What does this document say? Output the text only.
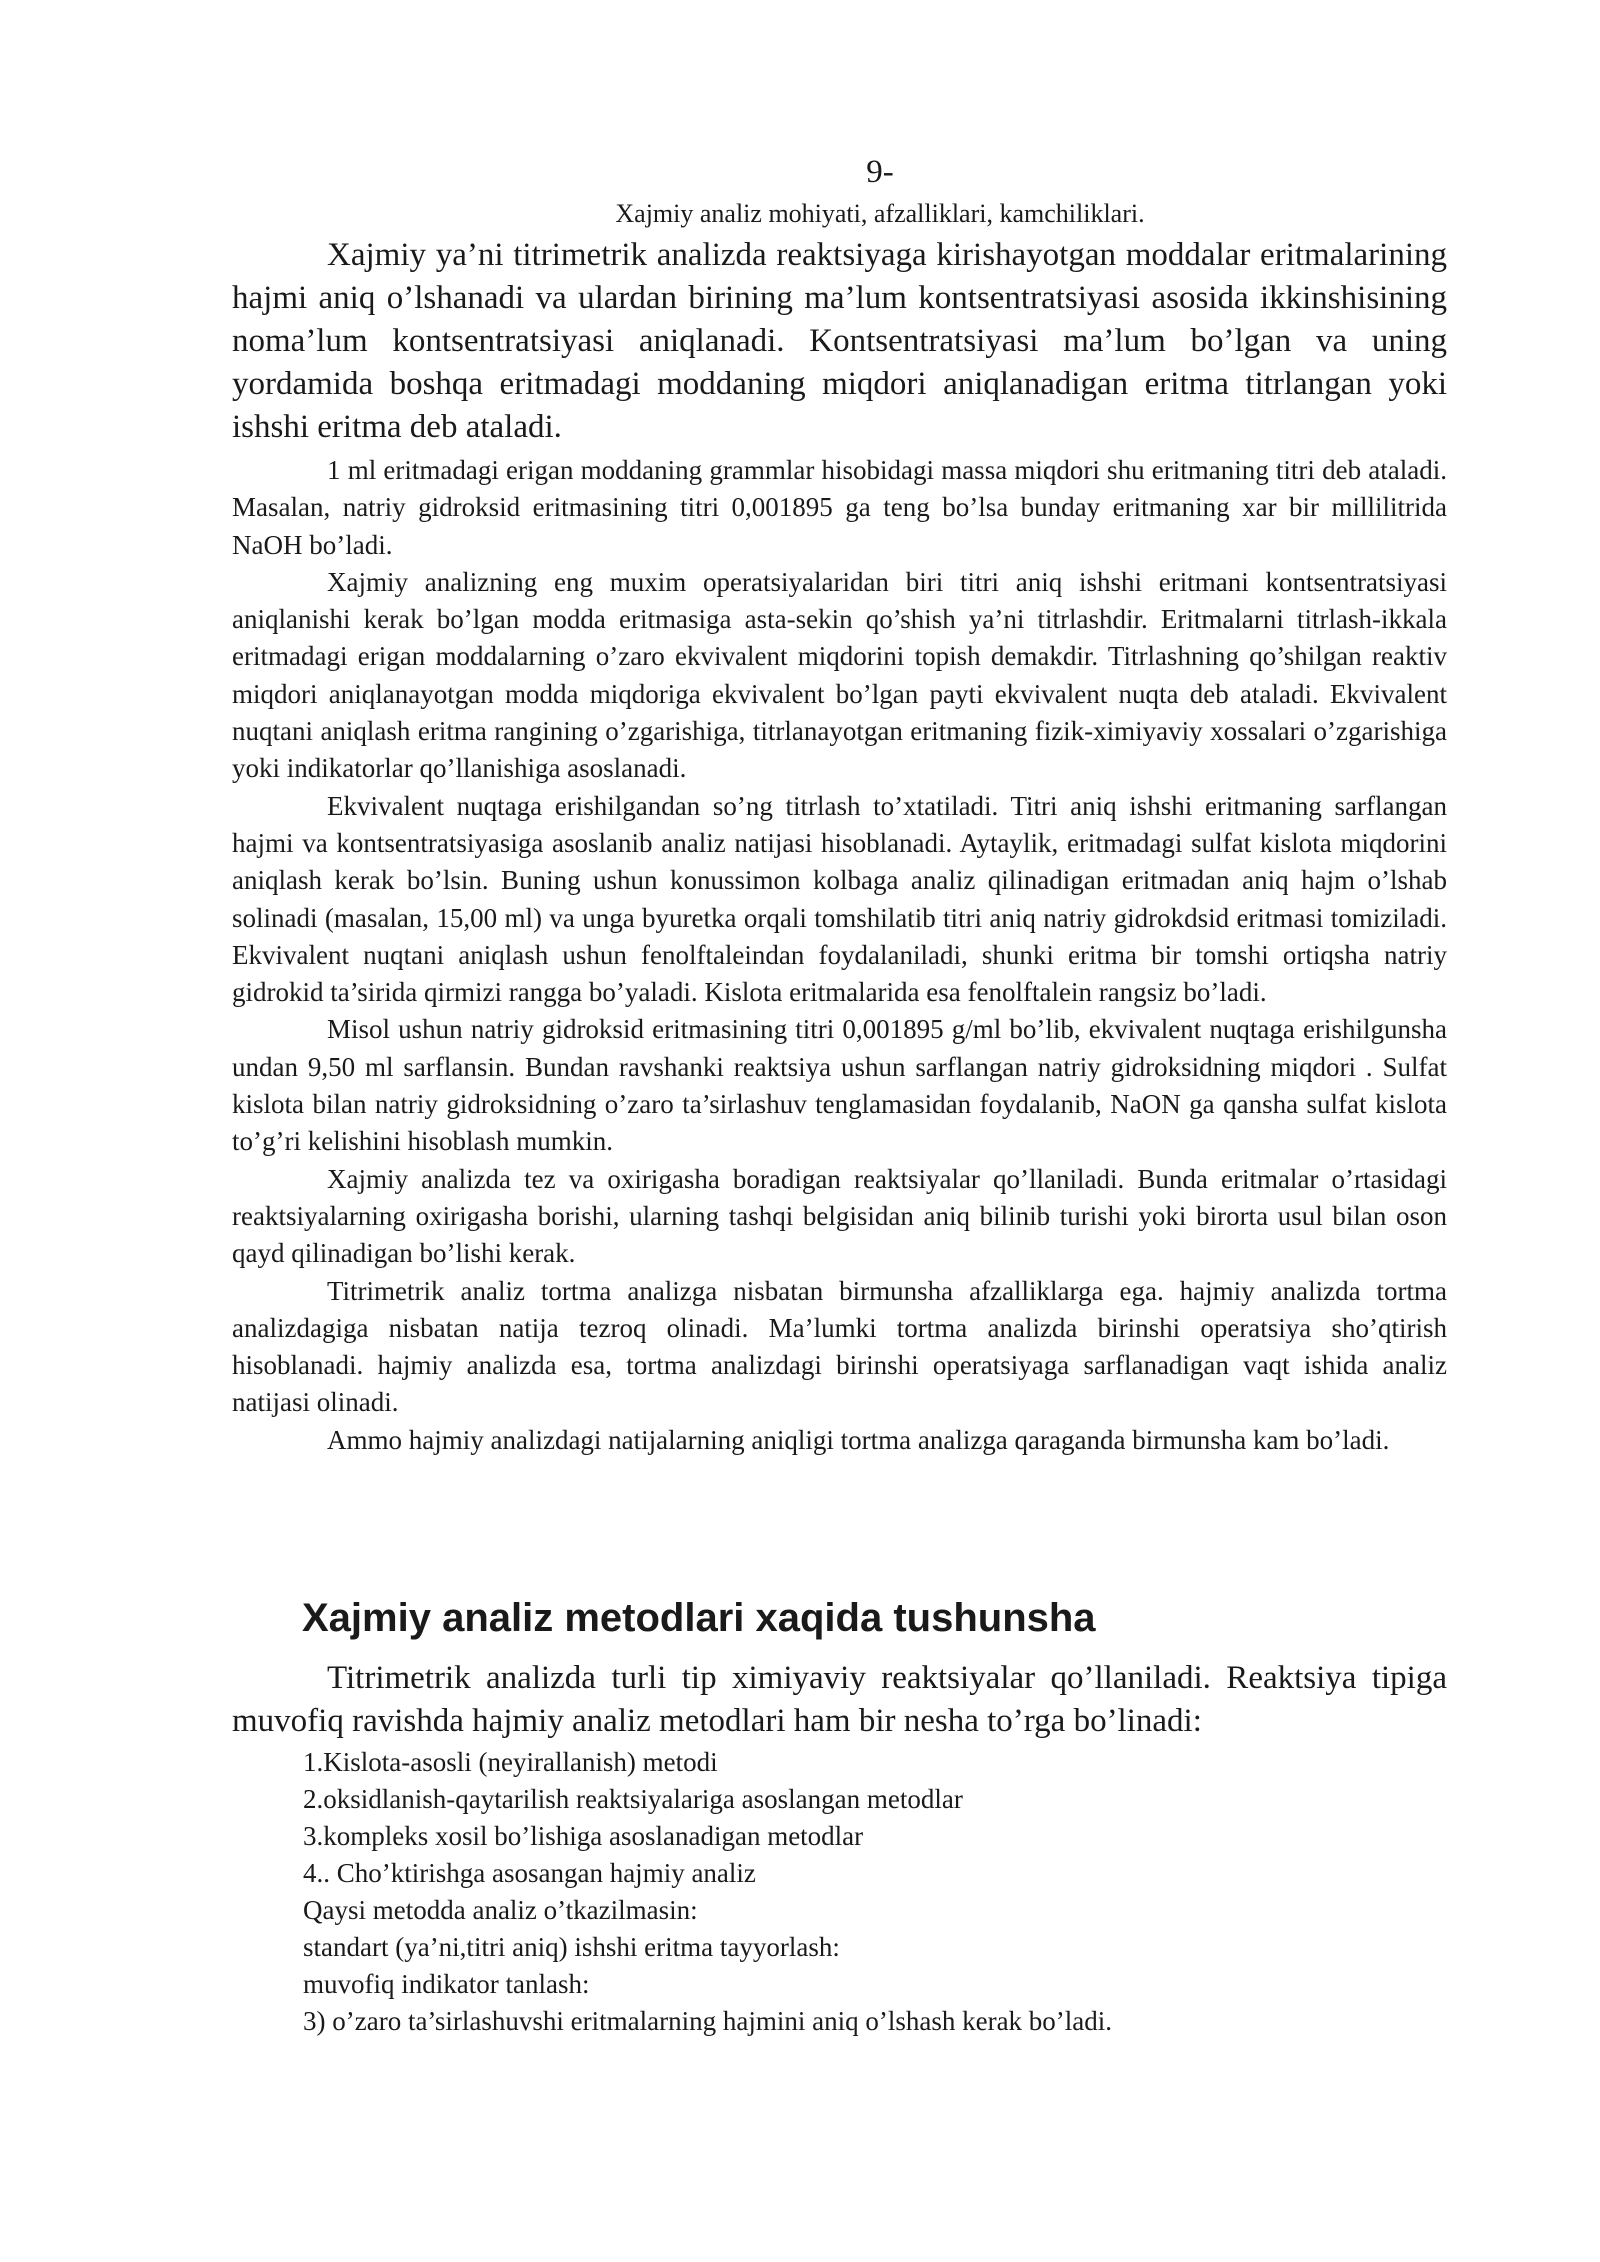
9-
Xajmiy analiz mohiyati, afzalliklari, kamchiliklari.

Xajmiy ya’ni titrimetrik analizda reaktsiyaga kirishayotgan moddalar eritmalarining hajmi aniq o’lshanadi va ulardan birining ma’lum kontsentratsiyasi asosida ikkinshisining noma’lum kontsentratsiyasi aniqlanadi. Kontsentratsiyasi ma’lum bo’lgan va uning yordamida boshqa eritmadagi moddaning miqdori aniqlanadigan eritma titrlangan yoki ishshi eritma deb ataladi.

1 ml eritmadagi erigan moddaning grammlar hisobidagi massa miqdori shu eritmaning titri deb ataladi. Masalan, natriy gidroksid eritmasining titri 0,001895 ga teng bo’lsa bunday eritmaning xar bir millilitrida NaOH bo’ladi.

Xajmiy analizning eng muxim operatsiyalaridan biri titri aniq ishshi eritmani kontsentratsiyasi aniqlanishi kerak bo’lgan modda eritmasiga asta-sekin qo’shish ya’ni titrlashdir. Eritmalarni titrlash-ikkala eritmadagi erigan moddalarning o’zaro ekvivalent miqdorini topish demakdir. Titrlashning qo’shilgan reaktiv miqdori aniqlanayotgan modda miqdoriga ekvivalent bo’lgan payti ekvivalent nuqta deb ataladi. Ekvivalent nuqtani aniqlash eritma rangining o’zgarishiga, titrlanayotgan eritmaning fizik-ximiyaviy xossalari o’zgarishiga yoki indikatorlar qo’llanishiga asoslanadi.

Ekvivalent nuqtaga erishilgandan so’ng titrlash to’xtatiladi. Titri aniq ishshi eritmaning sarflangan hajmi va kontsentratsiyasiga asoslanib analiz natijasi hisoblanadi. Aytaylik, eritmadagi sulfat kislota miqdorini aniqlash kerak bo’lsin. Buning ushun konussimon kolbaga analiz qilinadigan eritmadan aniq hajm o’lshab solinadi (masalan, 15,00 ml) va unga byuretka orqali tomshilatib titri aniq natriy gidrokdsid eritmasi tomiziladi. Ekvivalent nuqtani aniqlash ushun fenolftaleindan foydalaniladi, shunki eritma bir tomshi ortiqsha natriy gidrokid ta’sirida qirmizi rangga bo’yaladi. Kislota eritmalarida esa fenolftalein rangsiz bo’ladi.

Misol ushun natriy gidroksid eritmasining titri 0,001895 g/ml bo’lib, ekvivalent nuqtaga erishilgunsha undan 9,50 ml sarflansin. Bundan ravshanki reaktsiya ushun sarflangan natriy gidroksidning miqdori . Sulfat kislota bilan natriy gidroksidning o’zaro ta’sirlashuv tenglamasidan foydalanib, NaON ga qansha sulfat kislota to’g’ri kelishini hisoblash mumkin.

Xajmiy analizda tez va oxirigasha boradigan reaktsiyalar qo’llaniladi. Bunda eritmalar o’rtasidagi reaktsiyalarning oxirigasha borishi, ularning tashqi belgisidan aniq bilinib turishi yoki birorta usul bilan oson qayd qilinadigan bo’lishi kerak.

Titrimetrik analiz tortma analizga nisbatan birmunsha afzalliklarga ega. hajmiy analizda tortma analizdagiga nisbatan natija tezroq olinadi. Ma’lumki tortma analizda birinshi operatsiya sho’qtirish hisoblanadi. hajmiy analizda esa, tortma analizdagi birinshi operatsiyaga sarflanadigan vaqt ishida analiz natijasi olinadi.

Ammo hajmiy analizdagi natijalarning aniqligi tortma analizga qaraganda birmunsha kam bo’ladi.

Xajmiy analiz metodlari xaqida tushunsha

Titrimetrik analizda turli tip ximiyaviy reaktsiyalar qo’llaniladi. Reaktsiya tipiga muvofiq ravishda hajmiy analiz metodlari ham bir nesha to’rga bo’linadi:

1.Kislota-asosli (neyirallanish) metodi
2.oksidlanish-qaytarilish reaktsiyalariga asoslangan metodlar
3.kompleks xosil bo’lishiga asoslanadigan metodlar
4.. Cho’ktirishga asosangan hajmiy analiz
Qaysi metodda analiz o’tkazilmasin:
standart (ya’ni,titri aniq) ishshi eritma tayyorlash:
muvofiq indikator tanlash:
3) o’zaro ta’sirlashuvshi eritmalarning hajmini aniq o’lshash kerak bo’ladi.
